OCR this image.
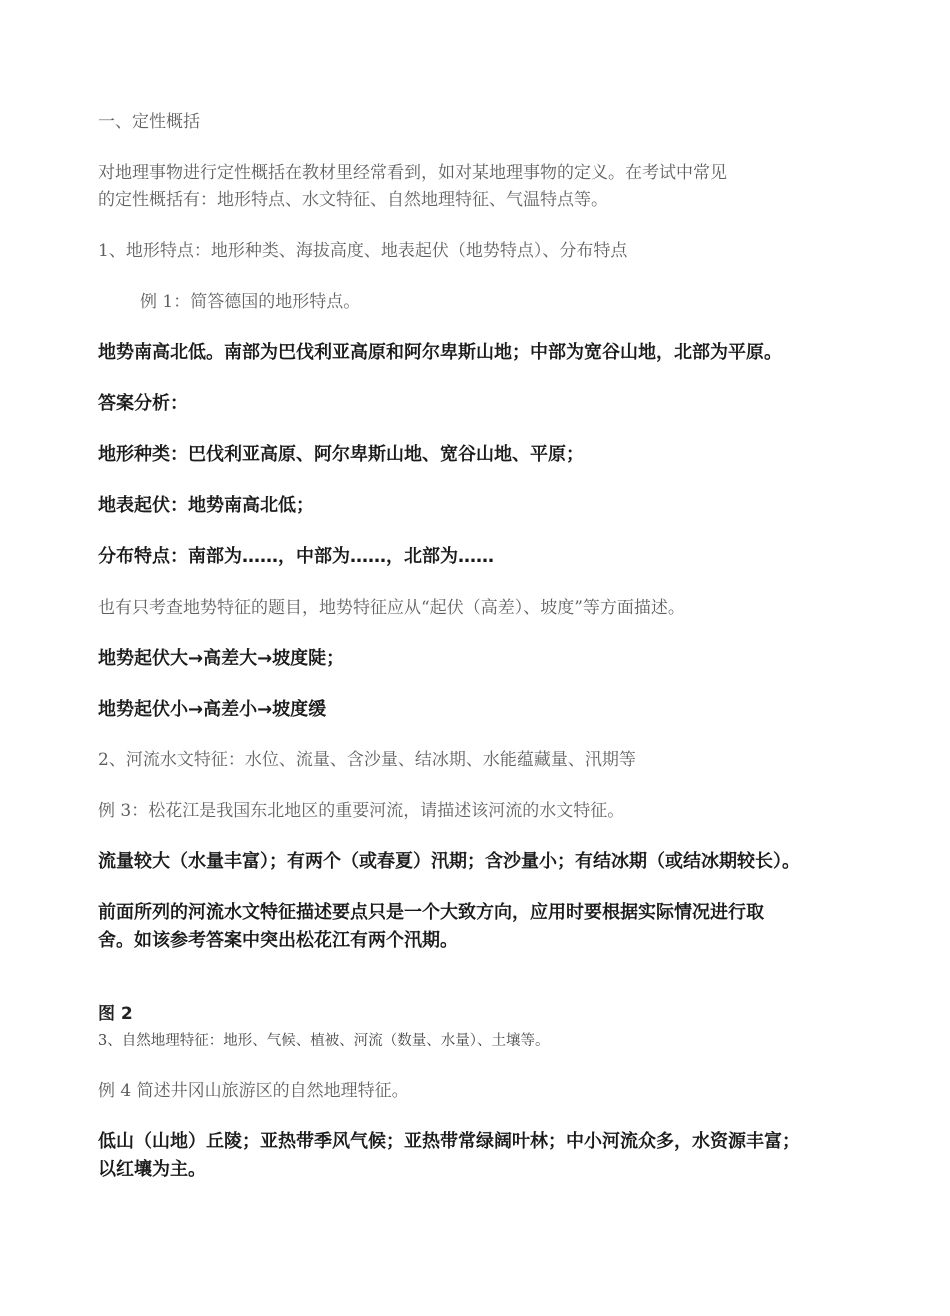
一、定性概括

对地理事物进行定性概括在教材里经常看到，如对某地理事物的定义。在考试中常见

的定性概括有：地形特点、水文特征、自然地理特征、气温特点等。

1、地形特点：地形种类、海拔高度、地表起伏（地势特点）、分布特点

例 1：简答德国的地形特点。

地势南高北低。南部为巴伐利亚高原和阿尔卑斯山地；中部为宽谷山地，北部为平原。

答案分析：

地形种类：巴伐利亚高原、阿尔卑斯山地、宽谷山地、平原；

地表起伏：地势南高北低；

分布特点：南部为……，中部为……，北部为……

也有只考查地势特征的题目，地势特征应从“起伏（高差）、坡度”等方面描述。

地势起伏大→高差大→坡度陡；

地势起伏小→高差小→坡度缓

2、河流水文特征：水位、流量、含沙量、结冰期、水能蕴藏量、汛期等

例 3：松花江是我国东北地区的重要河流，请描述该河流的水文特征。

流量较大（水量丰富）；有两个（或春夏）汛期；含沙量小；有结冰期（或结冰期较长）。

前面所列的河流水文特征描述要点只是一个大致方向，应用时要根据实际情况进行取

舍。如该参考答案中突出松花江有两个汛期。

图 2

3、自然地理特征：地形、气候、植被、河流（数量、水量）、土壤等。

例 4 简述井冈山旅游区的自然地理特征。

低山（山地）丘陵；亚热带季风气候；亚热带常绿阔叶林；中小河流众多，水资源丰富；

以红壤为主。
